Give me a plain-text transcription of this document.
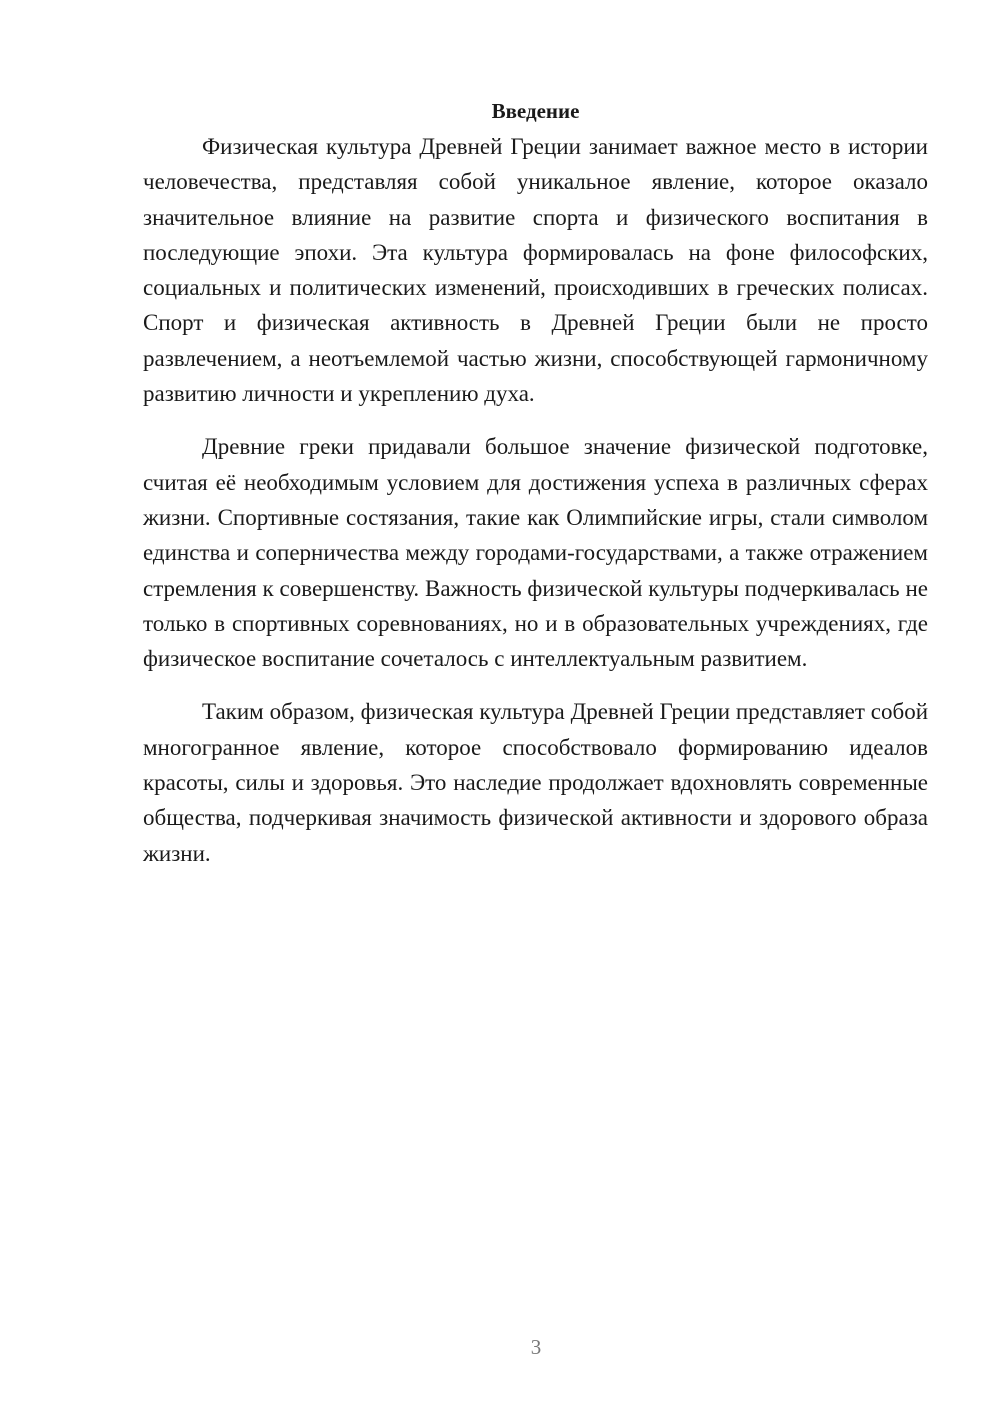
Введение

Физическая культура Древней Греции занимает важное место в истории человечества, представляя собой уникальное явление, которое оказало значительное влияние на развитие спорта и физического воспитания в последующие эпохи. Эта культура формировалась на фоне философских, социальных и политических изменений, происходивших в греческих полисах. Спорт и физическая активность в Древней Греции были не просто развлечением, а неотъемлемой частью жизни, способствующей гармоничному развитию личности и укреплению духа.

Древние греки придавали большое значение физической подготовке, считая её необходимым условием для достижения успеха в различных сферах жизни. Спортивные состязания, такие как Олимпийские игры, стали символом единства и соперничества между городами-государствами, а также отражением стремления к совершенству. Важность физической культуры подчеркивалась не только в спортивных соревнованиях, но и в образовательных учреждениях, где физическое воспитание сочеталось с интеллектуальным развитием.

Таким образом, физическая культура Древней Греции представляет собой многогранное явление, которое способствовало формированию идеалов красоты, силы и здоровья. Это наследие продолжает вдохновлять современные общества, подчеркивая значимость физической активности и здорового образа жизни.

3
